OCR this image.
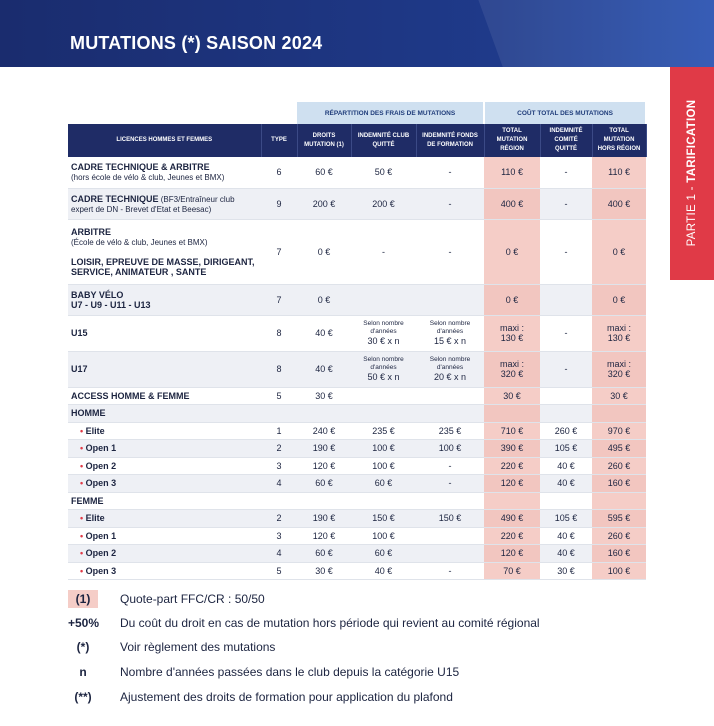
MUTATIONS (*) SAISON 2024
PARTIE 1 - TARIFICATION
		RÉPARTITION DES FRAIS DE MUTATIONS			COÛT TOTAL DES MUTATIONS		
LICENCES HOMMES ET FEMMES	TYPE	DROITS MUTATION (1)	INDEMNITÉ CLUB QUITTÉ	INDEMNITÉ FONDS DE FORMATION	TOTAL MUTATION RÉGION	INDEMNITÉ COMITÉ QUITTÉ	TOTAL MUTATION HORS RÉGION
CADRE TECHNIQUE & ARBITRE
(hors école de vélo & club, Jeunes et BMX)	6	60 €	50 €	-	110 €	-	110 €
CADRE TECHNIQUE (BF3/Entraîneur club
expert de DN - Brevet d'Etat et Beesac)	9	200 €	200 €	-	400 €	-	400 €
ARBITRE
(École de vélo & club, Jeunes et BMX)

LOISIR, EPREUVE DE MASSE, DIRIGEANT,
SERVICE, ANIMATEUR , SANTE	7	0 €	-	-	0 €	-	0 €
BABY VÉLO
U7 - U9 - U11 - U13	7	0 €			0 €		0 €
U15	8	40 €	Selon nombre
d'années
30 € x n	Selon nombre
d'années
15 € x n	maxi :
130 €	-	maxi :
130 €
U17	8	40 €	Selon nombre
d'années
50 € x n	Selon nombre
d'années
20 € x n	maxi :
320 €	-	maxi :
320 €
ACCESS HOMME & FEMME	5	30 €			30 €		30 €
HOMME							
• Elite	1	240 €	235 €	235 €	710 €	260 €	970 €
• Open 1	2	190 €	100 €	100 €	390 €	105 €	495 €
• Open 2	3	120 €	100 €	-	220 €	40 €	260 €
• Open 3	4	60 €	60 €	-	120 €	40 €	160 €
FEMME							
• Elite	2	190 €	150 €	150 €	490 €	105 €	595 €
• Open 1	3	120 €	100 €		220 €	40 €	260 €
• Open 2	4	60 €	60 €		120 €	40 €	160 €
• Open 3	5	30 €	40 €	-	70 €	30 €	100 €
(1)	Quote-part FFC/CR : 50/50
+50% Du coût du droit en cas de mutation hors période qui revient au comité régional
(*)	Voir règlement des mutations
n	Nombre d'années passées dans le club depuis la catégorie U15
(**)	Ajustement des droits de formation pour application du plafond
